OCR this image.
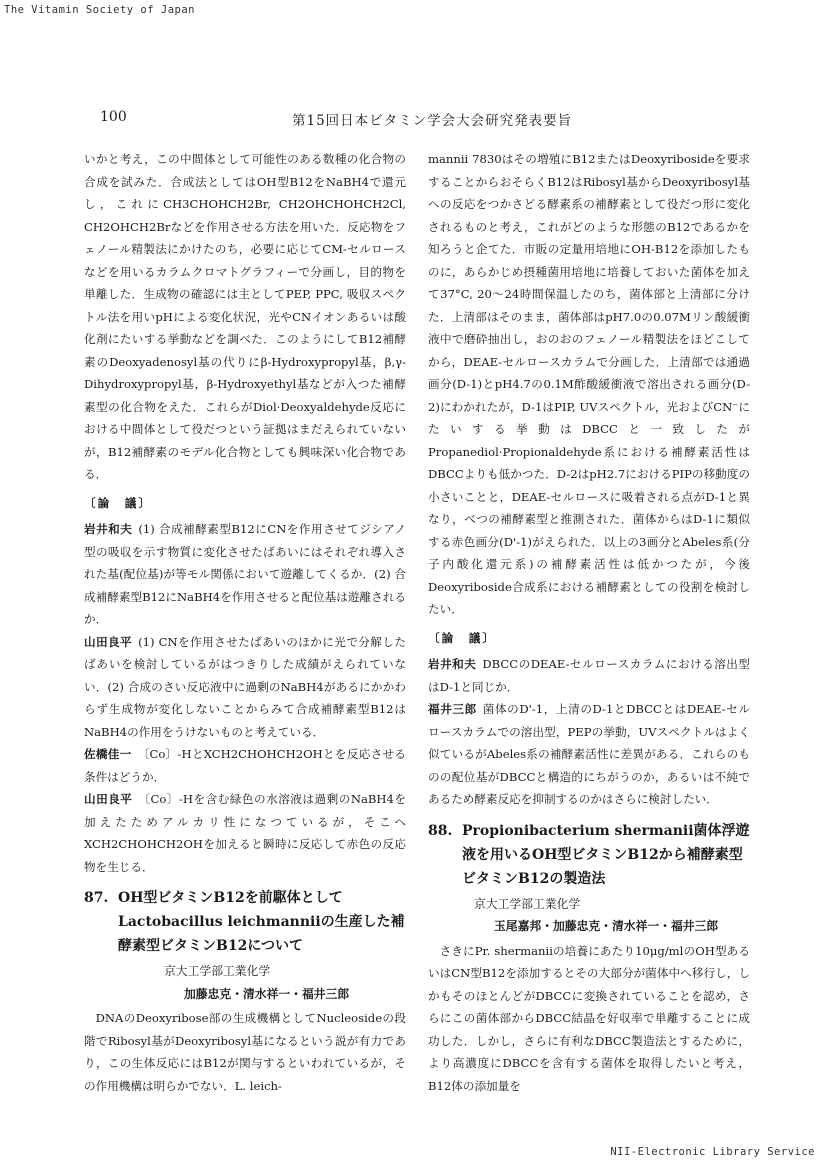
The Vitamin Society of Japan
100	第15回日本ビタミン学会大会研究発表要旨

いかと考え，この中間体として可能性のある数種の化合物の合成を試みた．合成法としてはOH型B12をNaBH4で還元し，これにCH3CHOHCH2Br, CH2OHCHOHCH2Cl, CH2OHCH2Brなどを作用させる方法を用いた．反応物をフェノール精製法にかけたのち，必要に応じてCM-セルロースなどを用いるカラムクロマトグラフィーで分画し，目的物を単離した．生成物の確認には主としてPEP, PPC, 吸収スペクトル法を用いpHによる変化状況，光やCNイオンあるいは酸化剤にたいする挙動などを調べた．このようにしてB12補酵素のDeoxyadenosyl基の代りにβ-Hydroxypropyl基，β,γ-Dihydroxypropyl基，β-Hydroxyethyl基などが入つた補酵素型の化合物をえた．これらがDiol·Deoxyaldehyde反応における中間体として役だつという証拠はまだえられていないが，B12補酵素のモデル化合物としても興味深い化合物である．

〔論　議〕

岩井和夫 (1) 合成補酵素型B12にCNを作用させてジシアノ型の吸収を示す物質に変化させたばあいにはそれぞれ導入された基(配位基)が等モル関係において遊離してくるか．(2) 合成補酵素型B12にNaBH4を作用させると配位基は遊離されるか．

山田良平 (1) CNを作用させたばあいのほかに光で分解したばあいを検討しているがはつきりした成績がえられていない．(2) 合成のさい反応液中に過剰のNaBH4があるにかかわらず生成物が変化しないことからみて合成補酵素型B12はNaBH4の作用をうけないものと考えている．

佐橋佳一 〔Co〕-HとXCH2CHOHCH2OHとを反応させる条件はどうか．

山田良平 〔Co〕-Hを含む緑色の水溶液は過剰のNaBH4を加えたためアルカリ性になつているが，そこへXCH2CHOHCH2OHを加えると瞬時に反応して赤色の反応物を生じる．

87. OH型ビタミンB12を前駆体としてLactobacillus leichmanniiの生産した補酵素型ビタミンB12について
京大工学部工業化学
加藤忠克・清水祥一・福井三郎

DNAのDeoxyribose部の生成機構としてNucleosideの段階でRibosyl基がDeoxyribosyl基になるという説が有力であり，この生体反応にはB12が関与するといわれているが，その作用機構は明らかでない．L. leich-

mannii 7830はその増殖にB12またはDeoxyribosideを要求することからおそらくB12はRibosyl基からDeoxyribosyl基への反応をつかさどる酵素系の補酵素として役だつ形に変化されるものと考え，これがどのような形態のB12であるかを知ろうと企てた．市販の定量用培地にOH-B12を添加したものに，あらかじめ摂種菌用培地に培養しておいた菌体を加えて37°C, 20〜24時間保温したのち，菌体部と上清部に分けた．上清部はそのまま，菌体部はpH7.0の0.07Mリン酸緩衝液中で磨砕抽出し，おのおのフェノール精製法をほどこしてから，DEAE-セルロースカラムで分画した．上清部では通過画分(D-1)とpH4.7の0.1M酢酸緩衝液で溶出される画分(D-2)にわかれたが，D-1はPIP, UVスペクトル，光およびCN⁻にたいする挙動はDBCCと一致したがPropanediol·Propionaldehyde系における補酵素活性はDBCCよりも低かつた．D-2はpH2.7におけるPIPの移動度の小さいことと，DEAE-セルロースに吸着される点がD-1と異なり，べつの補酵素型と推測された．菌体からはD-1に類似する赤色画分(D'-1)がえられた．以上の3画分とAbeles系(分子内酸化還元系)の補酵素活性は低かつたが，今後Deoxyriboside合成系における補酵素としての役割を検討したい．

〔論　議〕

岩井和夫 DBCCのDEAE-セルロースカラムにおける溶出型はD-1と同じか．

福井三郎 菌体のD'-1，上清のD-1とDBCCとはDEAE-セルロースカラムでの溶出型，PEPの挙動，UVスペクトルはよく似ているがAbeles系の補酵素活性に差異がある．これらのものの配位基がDBCCと構造的にちがうのか，あるいは不純であるため酵素反応を抑制するのかはさらに検討したい．

88. Propionibacterium shermanii菌体浮遊液を用いるOH型ビタミンB12から補酵素型ビタミンB12の製造法
京大工学部工業化学
玉尾嘉邦・加藤忠克・清水祥一・福井三郎

さきにPr. shermaniiの培養にあたり10μg/mlのOH型あるいはCN型B12を添加するとその大部分が菌体中へ移行し，しかもそのほとんどがDBCCに変換されていることを認め，さらにこの菌体部からDBCC結晶を好収率で単離することに成功した．しかし，さらに有利なDBCC製造法とするために，より高濃度にDBCCを含有する菌体を取得したいと考え，B12体の添加量を

NII-Electronic Library Service
